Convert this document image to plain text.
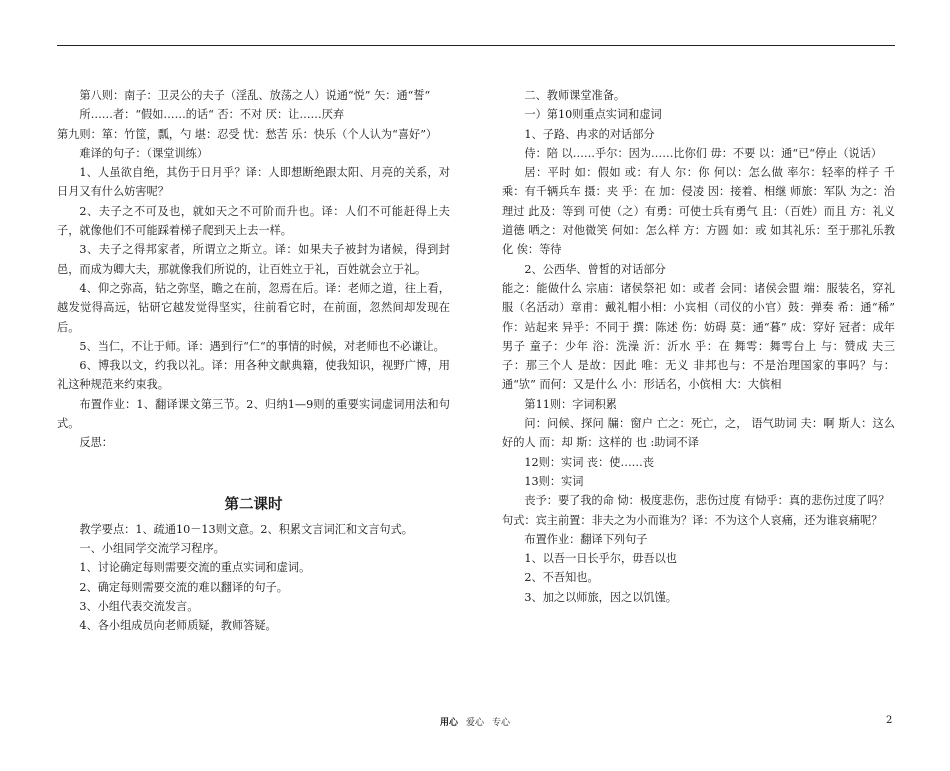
第八则：南子：卫灵公的夫子（淫乱、放荡之人）说通“悦” 矢：通“誓“

所……者：“假如……的话“ 否：不对 厌：让……厌弃

第九则：箪：竹筐，瓢，勺 堪：忍受 忧：愁苦 乐：快乐（个人认为“喜好”）

难译的句子：（课堂训练）

1、人虽欲自绝，其伤于日月乎？译：人即想断绝跟太阳、月亮的关系，对日月又有什么妨害呢？

2、夫子之不可及也，就如天之不可阶而升也。译：人们不可能赶得上夫子，就像他们不可能踩着梯子爬到天上去一样。

3、夫子之得邦家者，所谓立之斯立。译：如果夫子被封为诸候，得到封邑，而成为卿大夫，那就像我们所说的，让百姓立于礼，百姓就会立于礼。

4、仰之弥高，钻之弥坚，瞻之在前，忽焉在后。译：老师之道，往上看，越发觉得高远，钻研它越发觉得坚实，往前看它时，在前面，忽然间却发现在后。

5、当仁，不让于师。译：遇到行“仁“的事情的时候，对老师也不必谦让。

6、博我以文，约我以礼。译：用各种文献典籍，使我知识，视野广博，用礼这种规范来约束我。

布置作业：1、翻译课文第三节。2、归纳1—9则的重要实词虚词用法和句式。

反思：

第二课时

教学要点：1、疏通10－13则文意。2、积累文言词汇和文言句式。

一、小组同学交流学习程序。

1、讨论确定每则需要交流的重点实词和虚词。

2、确定每则需要交流的难以翻译的句子。

3、小组代表交流发言。

4、各小组成员向老师质疑，教师答疑。

二、教师课堂准备。

一）第10则重点实词和虚词

1、子路、冉求的对话部分

侍：陪 以……乎尔：因为……比你们 毋：不要 以：通“已“停止（说话）

居：平时 如：假如 或：有人 尔：你 何以：怎么做 率尔：轻率的样子 千乘：有千辆兵车 摄：夹 乎：在 加：侵凌 因：接着、相继 师旅：军队 为之：治理过 此及：等到 可使（之）有勇：可使士兵有勇气 且：（百姓）而且 方：礼义道德 哂之：对他微笑 何如：怎么样 方：方圆 如：或 如其礼乐：至于那礼乐教化 俟：等待

2、公西华、曾皙的对话部分

能之：能做什么 宗庙：诸侯祭祀 如：或者 会同：诸侯会盟 端：服装名，穿礼服（名活动）章甫：戴礼帽小相：小宾相（司仪的小官）鼓：弹奏 希：通“稀” 作：站起来 异乎：不同于 撰：陈述 伤：妨碍 莫：通“暮” 成：穿好 冠者：成年男子 童子：少年 浴：洗澡 沂：沂水 乎：在 舞雩：舞雩台上 与：赞成 夫三子：那三个人 是故：因此 唯：无义 非邦也与：不是治理国家的事吗？与：通“欤” 而何：又是什么 小：形话名，小傧相 大：大傧相

第11则：字词积累

问：问候、探问 牖：窗户 亡之：死亡，之， 语气助词 夫：啊 斯人：这么好的人 而：却 斯：这样的 也 :助词不译

12则：实词 丧：使……丧

13则：实词

丧予：要了我的命 恸：极度悲伤，悲伤过度 有恸乎：真的悲伤过度了吗？

句式：宾主前置：非夫之为小而谁为？译：不为这个人哀痛，还为谁哀痛呢？

布置作业：翻译下列句子

1、以吾一日长乎尔，毋吾以也

2、不吾知也。

3、加之以师旅，因之以饥馑。

用心 爱心 专心	2
